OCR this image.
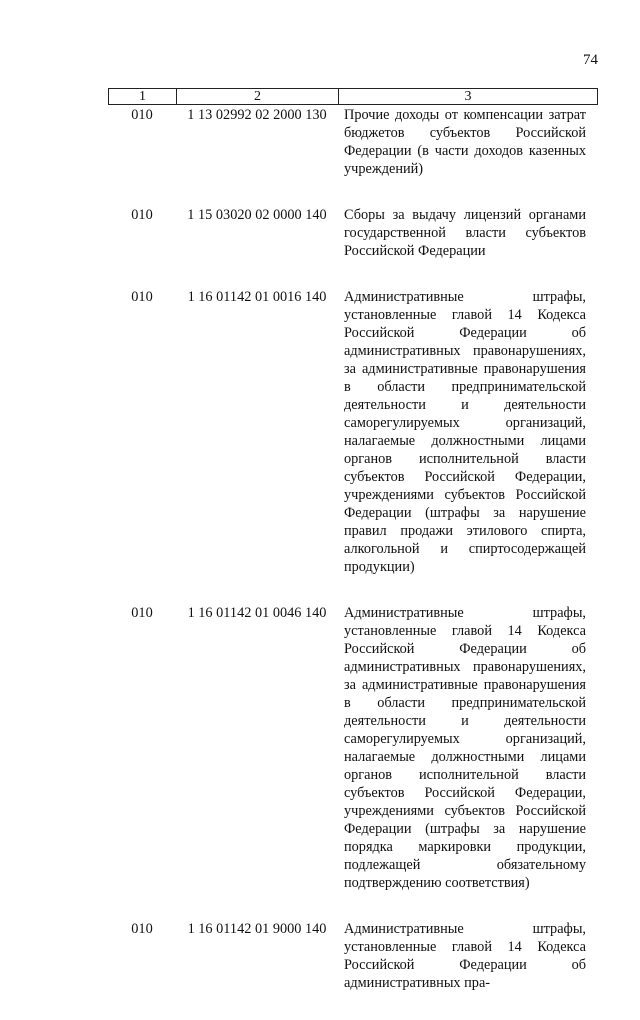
74
1	2	3
010	1 13 02992 02 2000 130	Прочие доходы от компенсации затрат бюджетов субъектов Российской Федерации (в части доходов казенных учреждений)
010	1 15 03020 02 0000 140	Сборы за выдачу лицензий органами государственной власти субъектов Российской Федерации
010	1 16 01142 01 0016 140	Административные штрафы, установленные главой 14 Кодекса Российской Федерации об административных правонарушениях, за административные правонарушения в области предпринимательской деятельности и деятельности саморегулируемых организаций, налагаемые должностными лицами органов исполнительной власти субъектов Российской Федерации, учреждениями субъектов Российской Федерации (штрафы за нарушение правил продажи этилового спирта, алкогольной и спиртосодержащей продукции)
010	1 16 01142 01 0046 140	Административные штрафы, установленные главой 14 Кодекса Российской Федерации об административных правонарушениях, за административные правонарушения в области предпринимательской деятельности и деятельности саморегулируемых организаций, налагаемые должностными лицами органов исполнительной власти субъектов Российской Федерации, учреждениями субъектов Российской Федерации (штрафы за нарушение порядка маркировки продукции, подлежащей обязательному подтверждению соответствия)
010	1 16 01142 01 9000 140	Административные штрафы, установленные главой 14 Кодекса Российской Федерации об административных пра-
